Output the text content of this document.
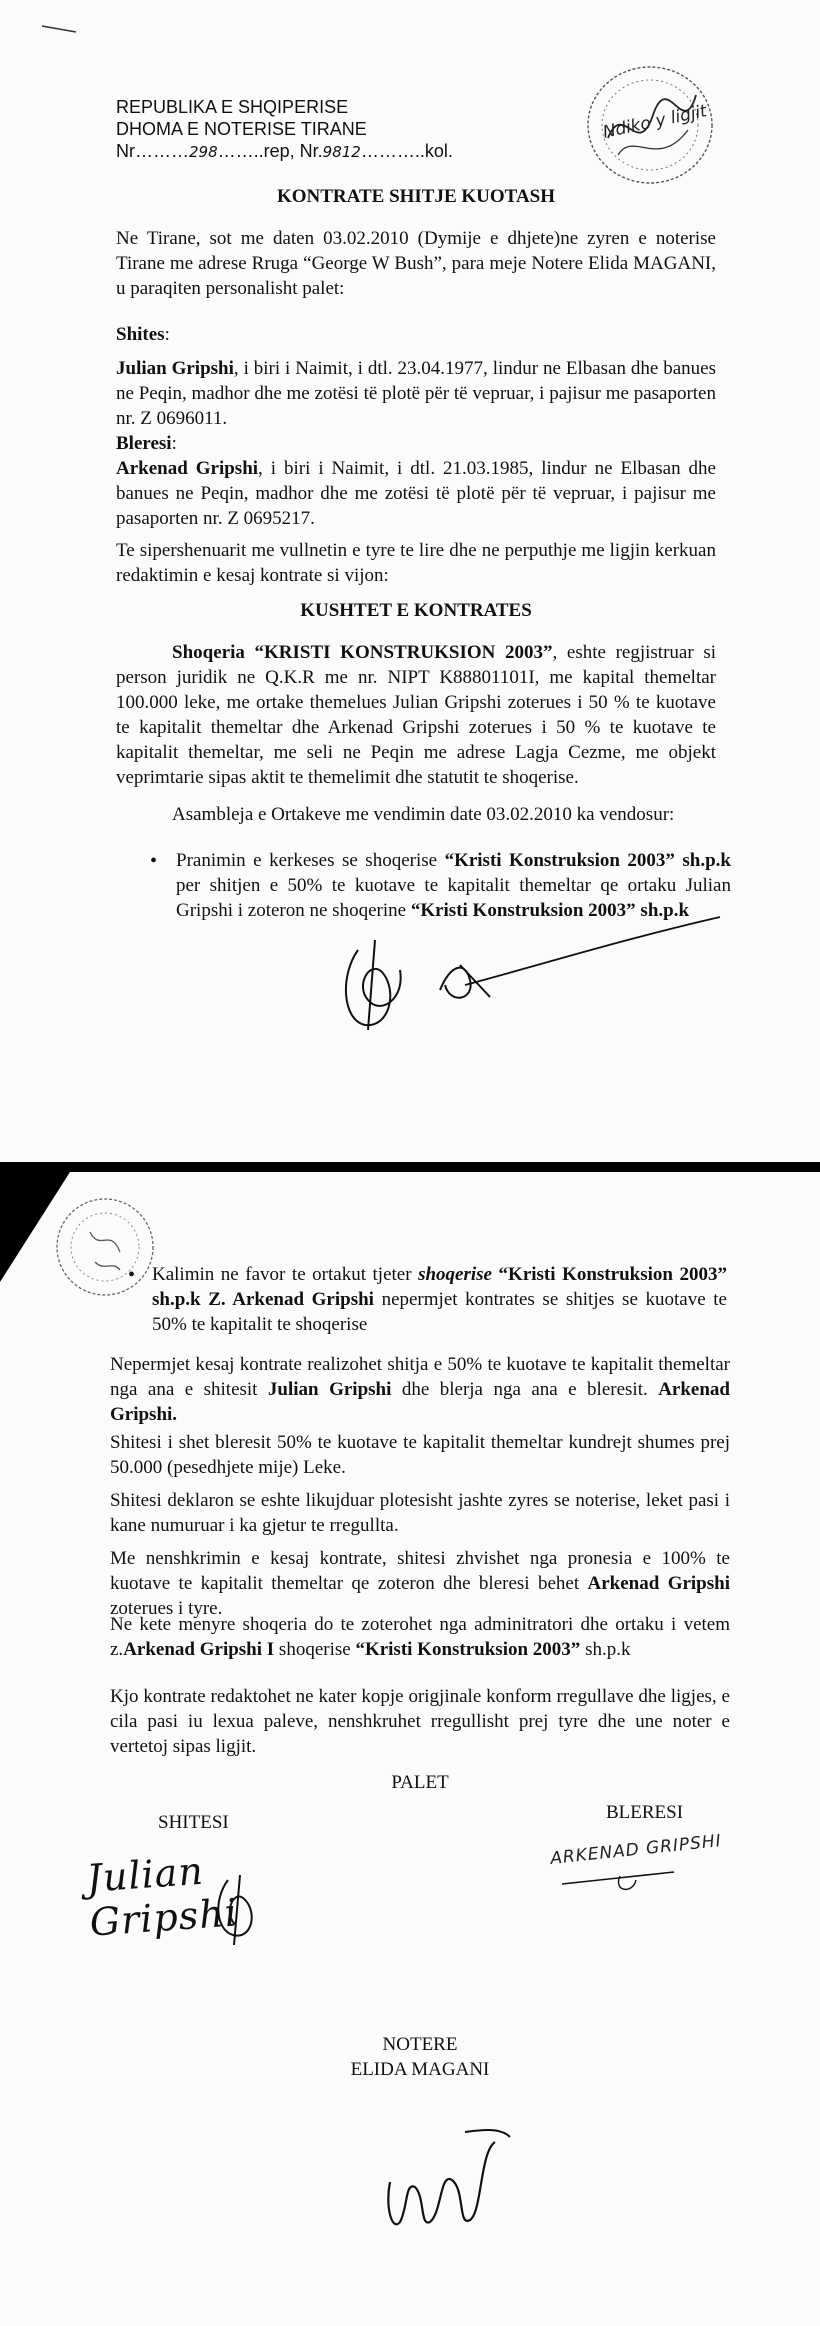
REPUBLIKA E SHQIPERISE

DHOMA E NOTERISE TIRANE

Nr………298……..rep, Nr.9812………..kol.

Ndiko y ligjit
KONTRATE SHITJE KUOTASH

Ne Tirane, sot me daten 03.02.2010 (Dymije e dhjete)ne zyren e noterise Tirane me adrese Rruga “George W Bush”, para meje Notere Elida MAGANI, u paraqiten personalisht palet:

Shites:

Julian Gripshi, i biri i Naimit, i dtl. 23.04.1977, lindur ne Elbasan dhe banues ne Peqin, madhor dhe me zotësi të plotë për të vepruar, i pajisur me pasaporten nr. Z 0696011.

Bleresi:

Arkenad Gripshi, i biri i Naimit, i dtl. 21.03.1985, lindur ne Elbasan dhe banues ne Peqin, madhor dhe me zotësi të plotë për të vepruar, i pajisur me pasaporten nr. Z 0695217.

Te sipershenuarit me vullnetin e tyre te lire dhe ne perputhje me ligjin kerkuan redaktimin e kesaj kontrate si vijon:

KUSHTET E KONTRATES

Shoqeria “KRISTI KONSTRUKSION 2003”, eshte regjistruar si person juridik ne Q.K.R me nr. NIPT K88801101I, me kapital themeltar 100.000 leke, me ortake themelues Julian Gripshi zoterues i 50 % te kuotave te kapitalit themeltar dhe Arkenad Gripshi zoterues i 50 % te kuotave te kapitalit themeltar, me seli ne Peqin me adrese Lagja Cezme, me objekt veprimtarie sipas aktit te themelimit dhe statutit te shoqerise.

Asambleja e Ortakeve me vendimin date 03.02.2010 ka vendosur:

• Pranimin e kerkeses se shoqerise “Kristi Konstruksion 2003” sh.p.k per shitjen e 50% te kuotave te kapitalit themeltar qe ortaku Julian Gripshi i zoteron ne shoqerine “Kristi Konstruksion 2003” sh.p.k

• Kalimin ne favor te ortakut tjeter shoqerise “Kristi Konstruksion 2003” sh.p.k Z. Arkenad Gripshi nepermjet kontrates se shitjes se kuotave te 50% te kapitalit te shoqerise

Nepermjet kesaj kontrate realizohet shitja e 50% te kuotave te kapitalit themeltar nga ana e shitesit Julian Gripshi dhe blerja nga ana e bleresit. Arkenad Gripshi.

Shitesi i shet bleresit 50% te kuotave te kapitalit themeltar kundrejt shumes prej 50.000 (pesedhjete mije) Leke.

Shitesi deklaron se eshte likujduar plotesisht jashte zyres se noterise, leket pasi i kane numuruar i ka gjetur te rregullta.

Me nenshkrimin e kesaj kontrate, shitesi zhvishet nga pronesia e 100% te kuotave te kapitalit themeltar qe zoteron dhe bleresi behet Arkenad Gripshi zoterues i tyre.

Ne kete menyre shoqeria do te zoterohet nga adminitratori dhe ortaku i vetem z.Arkenad Gripshi I shoqerise “Kristi Konstruksion 2003” sh.p.k

Kjo kontrate redaktohet ne kater kopje origjinale konform rregullave dhe ligjes, e cila pasi iu lexua paleve, nenshkruhet rregullisht prej tyre dhe une noter e vertetoj sipas ligjit.

PALET
SHITESI	BLERESI
Julian Gripshi
ARKENAD GRIPSHI
NOTERE
ELIDA MAGANI
